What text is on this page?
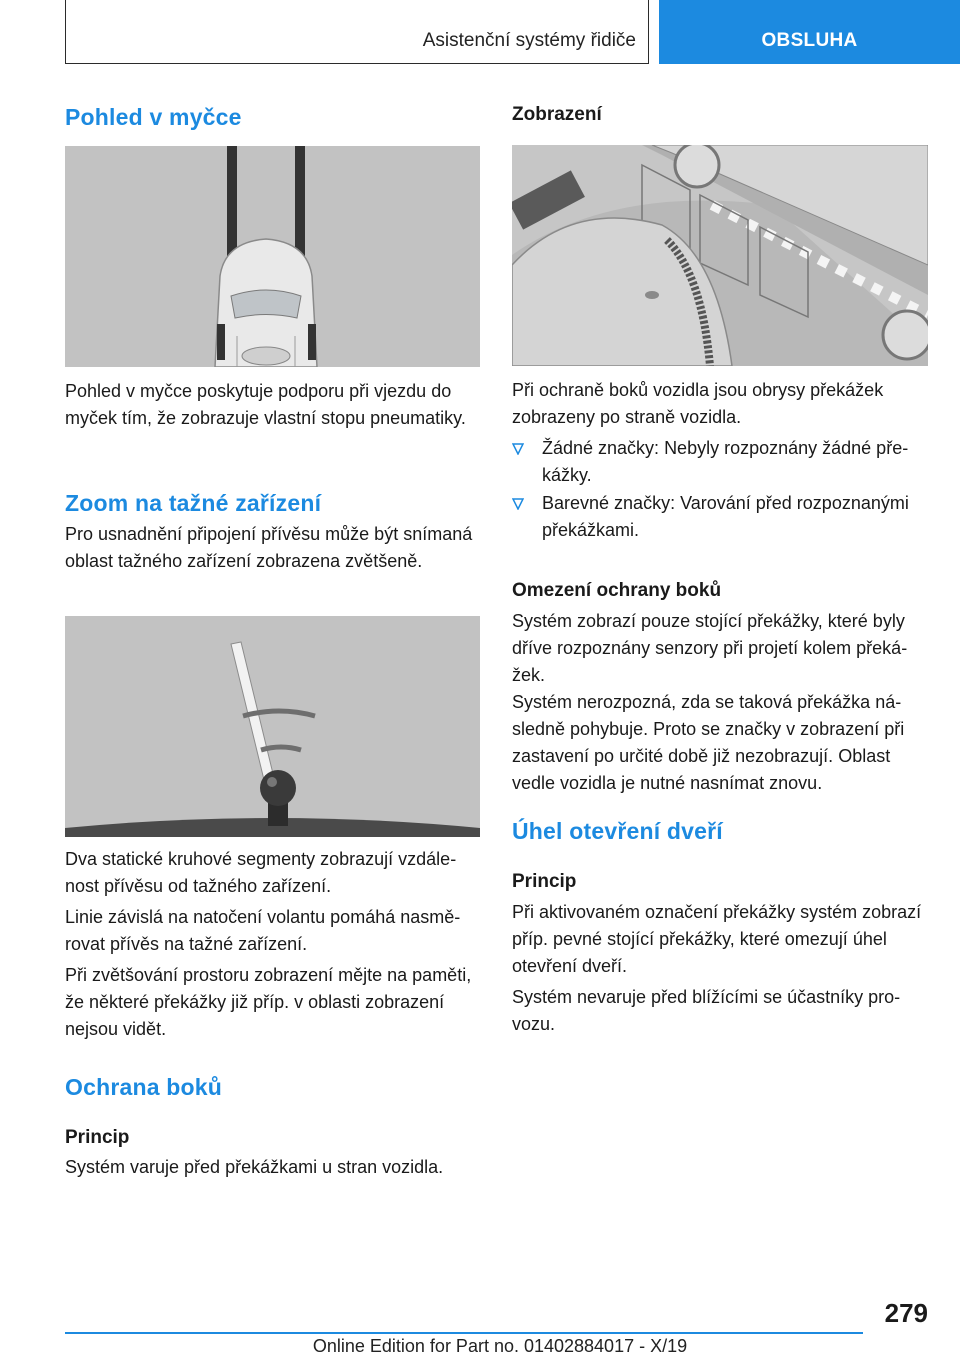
Asistenční systémy řidiče	OBSLUHA
Pohled v myčce
Pohled v myčce poskytuje podporu při vjezdu do myček tím, že zobrazuje vlastní stopu pneumatiky.
Zoom na tažné zařízení
Pro usnadnění připojení přívěsu může být snímaná oblast tažného zařízení zobrazena zvětšeně.
Dva statické kruhové segmenty zobrazují vzdálenost přívěsu od tažného zařízení.
Linie závislá na natočení volantu pomáhá nasměrovat přívěs na tažné zařízení.
Při zvětšování prostoru zobrazení mějte na paměti, že některé překážky již příp. v oblasti zobrazení nejsou vidět.
Ochrana boků
Princip
Systém varuje před překážkami u stran vozidla.
Zobrazení
Při ochraně boků vozidla jsou obrysy překážek zobrazeny po straně vozidla.
Žádné značky: Nebyly rozpoznány žádné překážky.
Barevné značky: Varování před rozpoznanými překážkami.
Omezení ochrany boků
Systém zobrazí pouze stojící překážky, které byly dříve rozpoznány senzory při projetí kolem překážek.
Systém nerozpozná, zda se taková překážka následně pohybuje. Proto se značky v zobrazení při zastavení po určité době již nezobrazují. Oblast vedle vozidla je nutné nasnímat znovu.
Úhel otevření dveří
Princip
Při aktivovaném označení překážky systém zobrazí příp. pevné stojící překážky, které omezují úhel otevření dveří.
Systém nevaruje před blížícími se účastníky provozu.
279
Online Edition for Part no. 01402884017 - X/19
